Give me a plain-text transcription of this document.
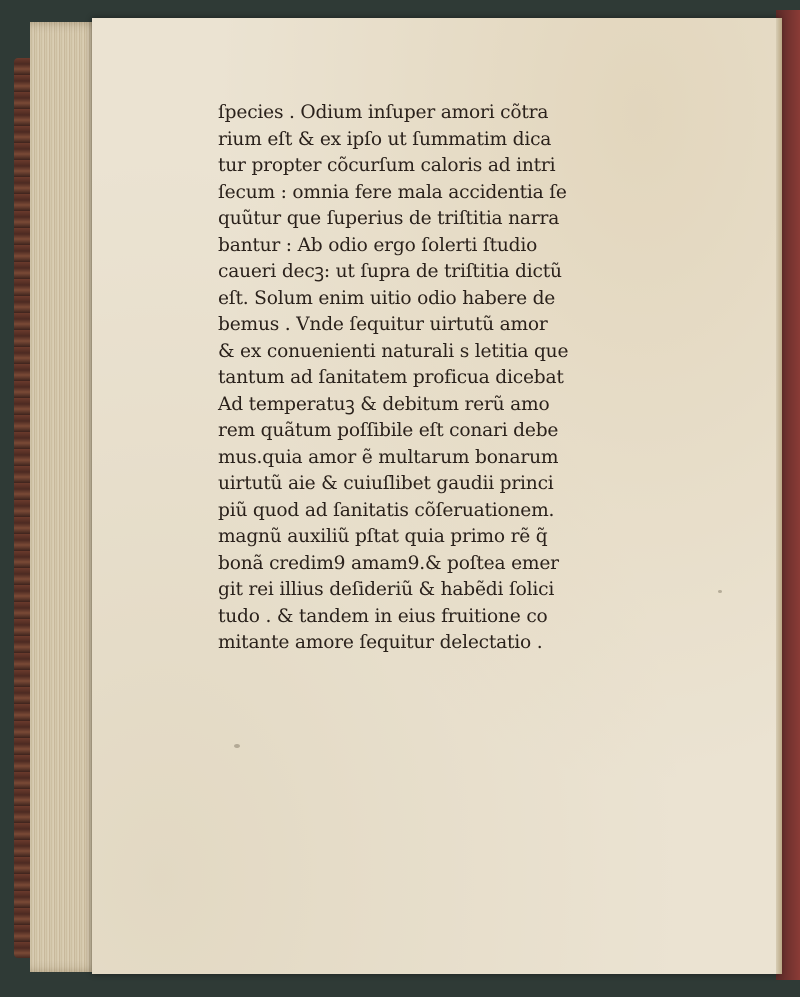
ſpecies . Odium inſuper amori cõtra
rium eſt & ex ipſo ut ſummatim dica
tur propter cõcurſum caloris ad intri
ſecum : omnia fere mala accidentia ſe
quũtur que ſuperius de triſtitia narra
bantur : Ab odio ergo ſolerti ſtudio
caueri decꝫ: ut ſupra de triſtitia dictũ
eſt. Solum enim uitio odio habere de
bemus . Vnde ſequitur uirtutũ amor
& ex conuenienti naturali s letitia que
tantum ad ſanitatem proficua dicebat
Ad temperatuꝫ & debitum rerũ amo
rem quãtum poſſibile eſt conari debe
mus.quia amor ẽ multarum bonarum
uirtutũ aie & cuiuſlibet gaudii princi
piũ quod ad ſanitatis cõſeruationem.
magnũ auxiliũ pſtat quia primo rẽ q̃
bonã credim9 amam9.& poſtea emer
git rei illius deſideriũ & habẽdi ſolici
tudo . & tandem in eius fruitione co
mitante amore ſequitur delectatio .
